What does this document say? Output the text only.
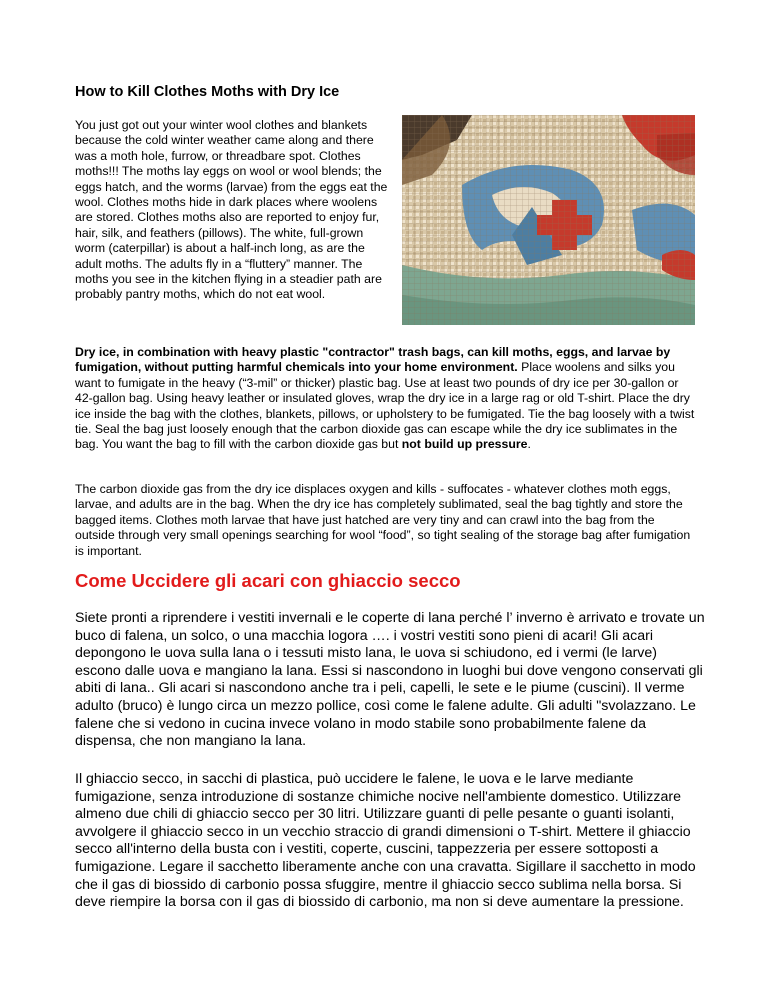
How to Kill Clothes Moths with Dry Ice
You just got out your winter wool clothes and blankets because the cold winter weather came along and there was a moth hole, furrow, or threadbare spot. Clothes moths!!! The moths lay eggs on wool or wool blends; the eggs hatch, and the worms (larvae) from the eggs eat the wool. Clothes moths hide in dark places where woolens are stored. Clothes moths also are reported to enjoy fur, hair, silk, and feathers (pillows). The white, full-grown worm (caterpillar) is about a half-inch long, as are the adult moths. The adults fly in a “fluttery” manner. The moths you see in the kitchen flying in a steadier path are probably pantry moths, which do not eat wool.
Dry ice, in combination with heavy plastic "contractor" trash bags, can kill moths, eggs, and larvae by fumigation, without putting harmful chemicals into your home environment. Place woolens and silks you want to fumigate in the heavy (“3-mil” or thicker) plastic bag. Use at least two pounds of dry ice per 30-gallon or 42-gallon bag. Using heavy leather or insulated gloves, wrap the dry ice in a large rag or old T-shirt. Place the dry ice inside the bag with the clothes, blankets, pillows, or upholstery to be fumigated. Tie the bag loosely with a twist tie. Seal the bag just loosely enough that the carbon dioxide gas can escape while the dry ice sublimates in the bag. You want the bag to fill with the carbon dioxide gas but not build up pressure.
The carbon dioxide gas from the dry ice displaces oxygen and kills - suffocates - whatever clothes moth eggs, larvae, and adults are in the bag. When the dry ice has completely sublimated, seal the bag tightly and store the bagged items. Clothes moth larvae that have just hatched are very tiny and can crawl into the bag from the outside through very small openings searching for wool “food”, so tight sealing of the storage bag after fumigation is important.
Come Uccidere gli acari con ghiaccio secco
Siete pronti a riprendere i vestiti invernali e le coperte di lana perché l’ inverno è arrivato e trovate un buco di falena, un solco, o una macchia logora …. i vostri vestiti sono pieni di acari! Gli acari depongono le uova sulla lana o i tessuti misto lana, le uova si schiudono, ed i vermi (le larve) escono dalle uova e mangiano la lana. Essi si nascondono in luoghi bui dove vengono conservati gli abiti di lana.. Gli acari si nascondono anche tra i peli, capelli, le sete e le piume (cuscini). Il verme adulto (bruco) è lungo circa un mezzo pollice, così come le falene adulte. Gli adulti "svolazzano. Le falene che si vedono in cucina invece volano in modo stabile sono probabilmente falene da dispensa, che non mangiano la lana.
Il ghiaccio secco, in sacchi di plastica, può uccidere le falene, le uova e le larve mediante fumigazione, senza introduzione di sostanze chimiche nocive nell'ambiente domestico. Utilizzare almeno due chili di ghiaccio secco per 30 litri. Utilizzare guanti di pelle pesante o guanti isolanti, avvolgere il ghiaccio secco in un vecchio straccio di grandi dimensioni o T-shirt. Mettere il ghiaccio secco all'interno della busta con i vestiti, coperte, cuscini, tappezzeria per essere sottoposti a fumigazione. Legare il sacchetto liberamente anche con una cravatta. Sigillare il sacchetto in modo che il gas di biossido di carbonio possa sfuggire, mentre il ghiaccio secco sublima nella borsa. Si deve riempire la borsa con il gas di biossido di carbonio, ma non si deve aumentare la pressione.
